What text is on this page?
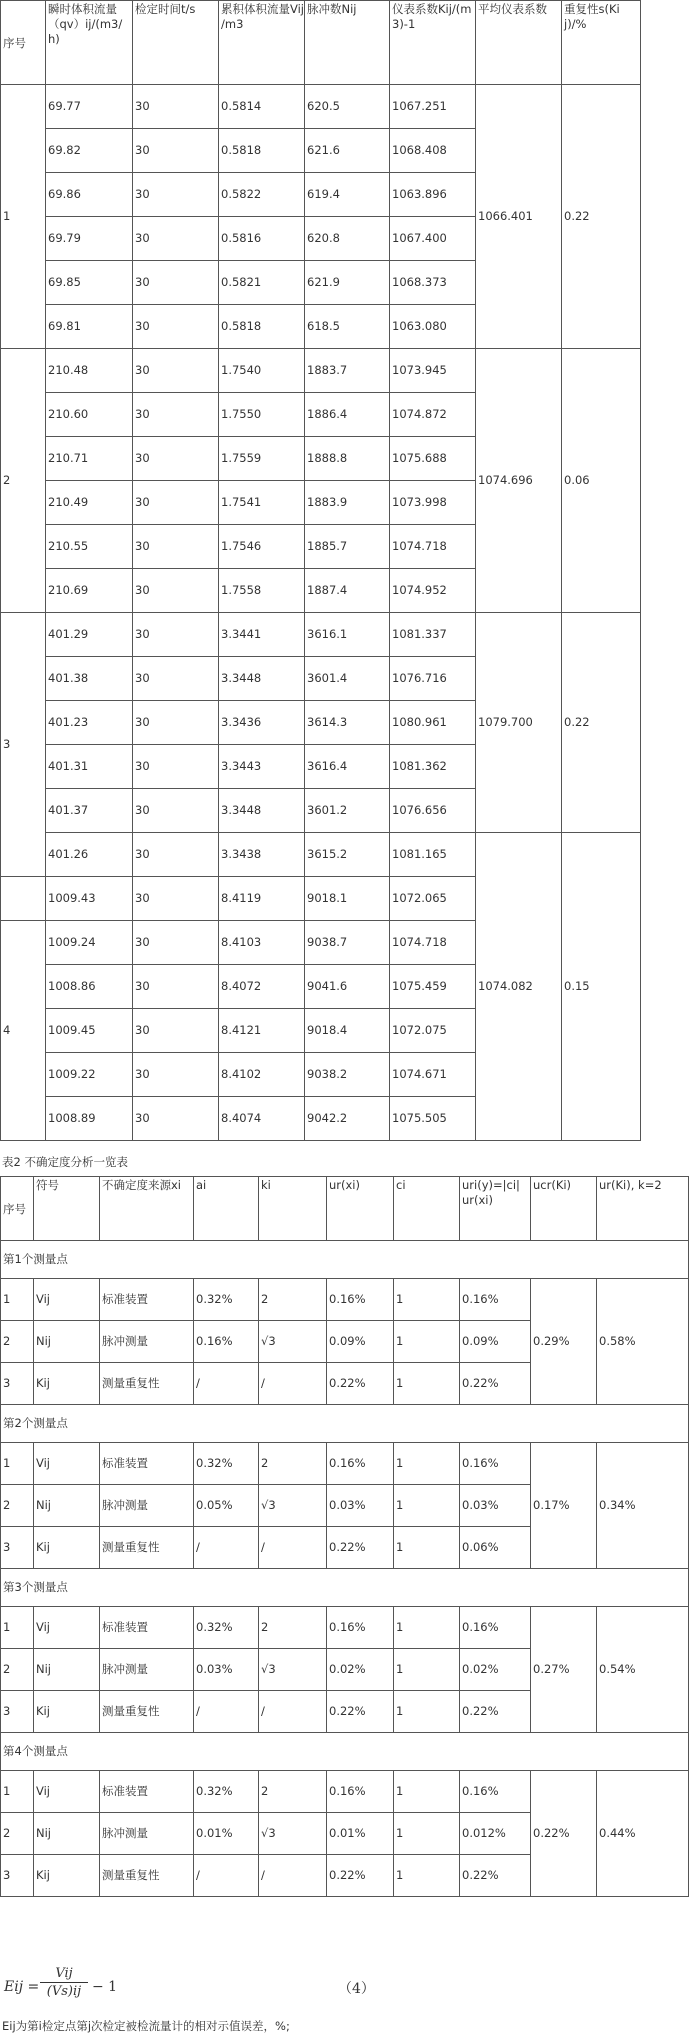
序号	瞬时体积流量（qv）ij/(m3/h)	检定时间t/s	累积体积流量Vij /m3	脉冲数Nij	仪表系数Kij/(m3)-1	平均仪表系数	重复性s(Kij)/%
1	69.77	30	0.5814	620.5	1067.251	1066.401	0.22
	69.82	30	0.5818	621.6	1068.408		
	69.86	30	0.5822	619.4	1063.896		
	69.79	30	0.5816	620.8	1067.400		
	69.85	30	0.5821	621.9	1068.373		
	69.81	30	0.5818	618.5	1063.080		
2	210.48	30	1.7540	1883.7	1073.945	1074.696	0.06
	210.60	30	1.7550	1886.4	1074.872		
	210.71	30	1.7559	1888.8	1075.688		
	210.49	30	1.7541	1883.9	1073.998		
	210.55	30	1.7546	1885.7	1074.718		
	210.69	30	1.7558	1887.4	1074.952		
3	401.29	30	3.3441	3616.1	1081.337	1079.700	0.22
	401.38	30	3.3448	3601.4	1076.716		
	401.23	30	3.3436	3614.3	1080.961		
	401.31	30	3.3443	3616.4	1081.362		
	401.37	30	3.3448	3601.2	1076.656		
	401.26	30	3.3438	3615.2	1081.165	1074.082	0.15
	1009.43	30	8.4119	9018.1	1072.065		
4	1009.24	30	8.4103	9038.7	1074.718		
	1008.86	30	8.4072	9041.6	1075.459		
	1009.45	30	8.4121	9018.4	1072.075		
	1009.22	30	8.4102	9038.2	1074.671		
	1008.89	30	8.4074	9042.2	1075.505		
表2 不确定度分析一览表
序号	符号	不确定度来源xi	ai	ki	ur(xi)	ci	uri(y)=|ci| ur(xi)	ucr(Ki)	ur(Ki), k=2
第1个测量点									
1	Vij	标准装置	0.32%	2	0.16%	1	0.16%	0.29%	0.58%
2	Nij	脉冲测量	0.16%	√3	0.09%	1	0.09%		
3	Kij	测量重复性	/	/	0.22%	1	0.22%		
第2个测量点									
1	Vij	标准装置	0.32%	2	0.16%	1	0.16%	0.17%	0.34%
2	Nij	脉冲测量	0.05%	√3	0.03%	1	0.03%		
3	Kij	测量重复性	/	/	0.22%	1	0.06%		
第3个测量点									
1	Vij	标准装置	0.32%	2	0.16%	1	0.16%	0.27%	0.54%
2	Nij	脉冲测量	0.03%	√3	0.02%	1	0.02%		
3	Kij	测量重复性	/	/	0.22%	1	0.22%		
第4个测量点									
1	Vij	标准装置	0.32%	2	0.16%	1	0.16%	0.22%	0.44%
2	Nij	脉冲测量	0.01%	√3	0.01%	1	0.012%		
3	Kij	测量重复性	/	/	0.22%	1	0.22%		
Eij =
Vij
(Vs)ij − 1	（4）
Eij为第i检定点第j次检定被检流量计的相对示值误差，%;
